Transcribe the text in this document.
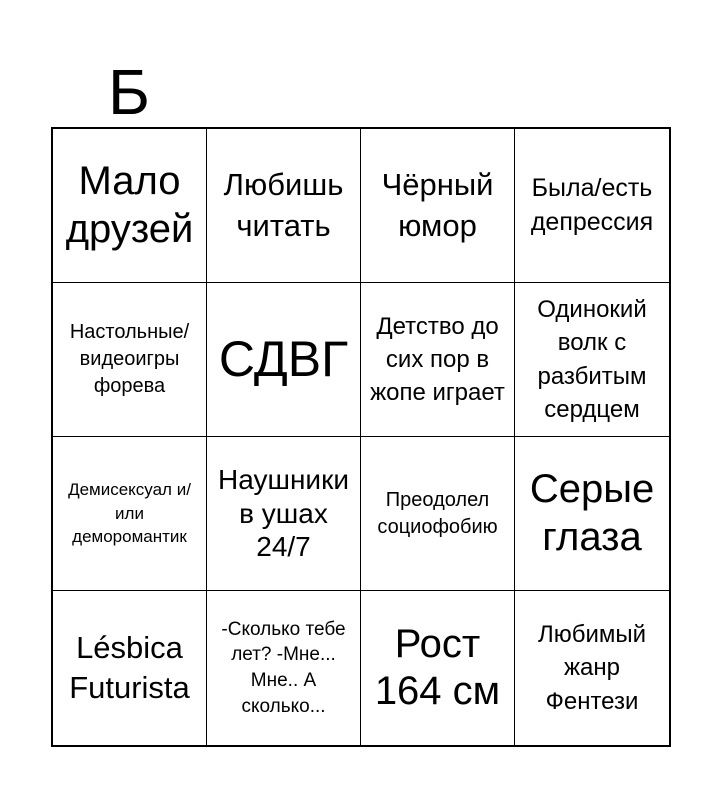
Б
Мало друзей
Любишь читать
Чёрный юмор
Была/есть депрессия
Настольные/ видеоигры форева	СДВГ
Детство до сих пор в жопе играет
Одинокий волк с разбитым сердцем
Демисексуал и/или деморомантик
Наушники в ушах 24/7
Преодолел социофобию
Серые глаза
Lésbica Futurista
-Сколько тебе лет? -Мне... Мне.. А сколько...
Рост 164 см
Любимый жанр Фентези
